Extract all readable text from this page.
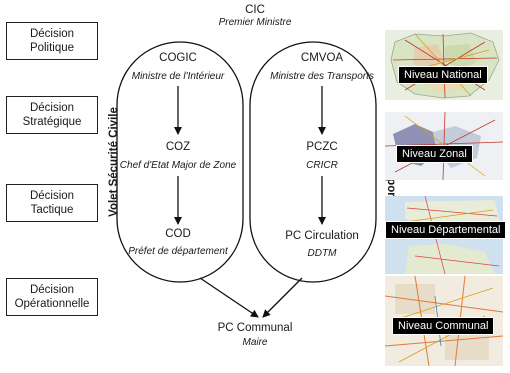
Décision
Politique
Décision
Stratégique
Décision
Tactique
Décision
Opérationnelle
CIC
Premier Ministre
COGIC
Ministre de l'Intérieur
COZ
Chef d'Etat Major de Zone
COD
Préfet de département
CMVOA
Ministre des Transports
PCZC
CRICR
PC Circulation
DDTM
PC Communal
Maire
Volet Sécurité Civile
Niveau National
Niveau Zonal
Niveau Départemental
Niveau Communal
